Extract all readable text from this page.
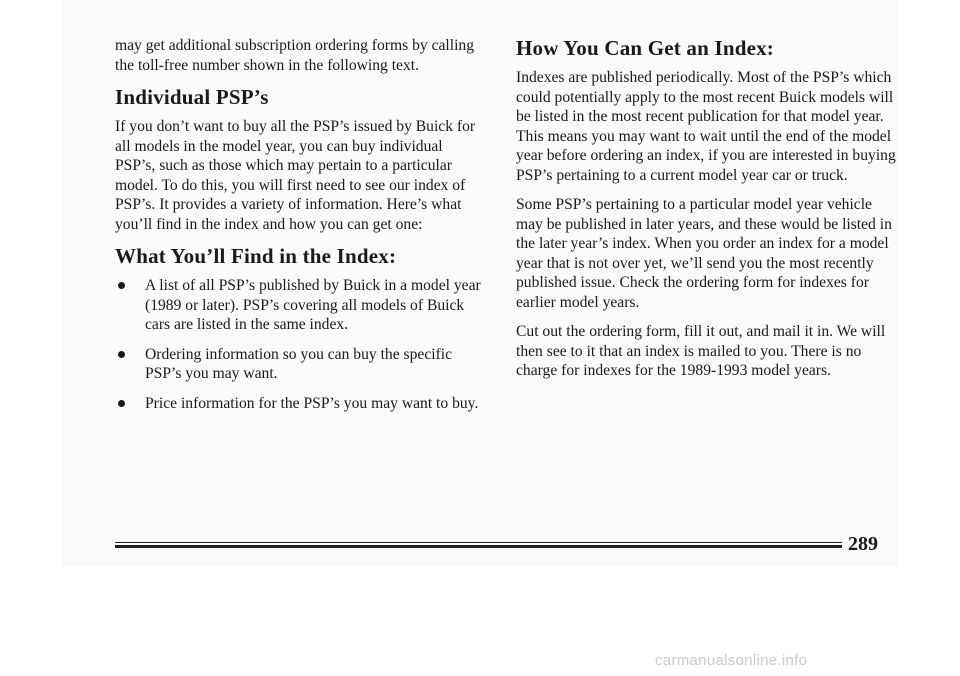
may get additional subscription ordering forms by calling the toll-free number shown in the following text.

Individual PSP’s

If you don’t want to buy all the PSP’s issued by Buick for all models in the model year, you can buy individual PSP’s, such as those which may pertain to a particular model. To do this, you will first need to see our index of PSP’s. It provides a variety of information. Here’s what you’ll find in the index and how you can get one:

What You’ll Find in the Index:
A list of all PSP’s published by Buick in a model year (1989 or later). PSP’s covering all models of Buick cars are listed in the same index.
Ordering information so you can buy the specific PSP’s you may want.
Price information for the PSP’s you may want to buy.
How You Can Get an Index:

Indexes are published periodically. Most of the PSP’s which could potentially apply to the most recent Buick models will be listed in the most recent publication for that model year. This means you may want to wait until the end of the model year before ordering an index, if you are interested in buying PSP’s pertaining to a current model year car or truck.

Some PSP’s pertaining to a particular model year vehicle may be published in later years, and these would be listed in the later year’s index. When you order an index for a model year that is not over yet, we’ll send you the most recently published issue. Check the ordering form for indexes for earlier model years.

Cut out the ordering form, fill it out, and mail it in. We will then see to it that an index is mailed to you. There is no charge for indexes for the 1989-1993 model years.

289
carmanualsonline.info
